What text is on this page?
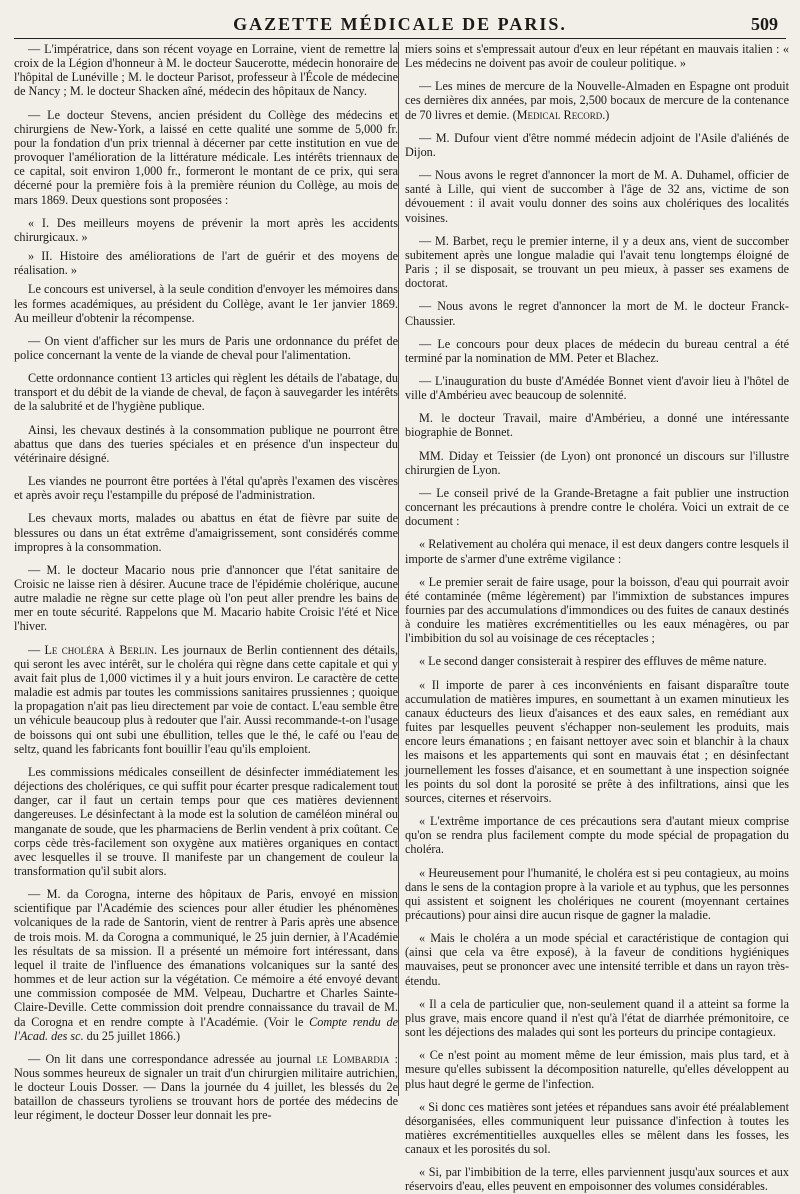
GAZETTE MÉDICALE DE PARIS.	509

— L'impératrice, dans son récent voyage en Lorraine, vient de remettre la croix de la Légion d'honneur à M. le docteur Saucerotte, médecin honoraire de l'hôpital de Lunéville ; M. le docteur Parisot, professeur à l'École de médecine de Nancy ; M. le docteur Shacken aîné, médecin des hôpitaux de Nancy.

— Le docteur Stevens, ancien président du Collège des médecins et chirurgiens de New-York, a laissé en cette qualité une somme de 5,000 fr. pour la fondation d'un prix triennal à décerner par cette institution en vue de provoquer l'amélioration de la littérature médicale. Les intérêts triennaux de ce capital, soit environ 1,000 fr., formeront le montant de ce prix, qui sera décerné pour la première fois à la première réunion du Collège, au mois de mars 1869. Deux questions sont proposées :

« I. Des meilleurs moyens de prévenir la mort après les accidents chirurgicaux. »

» II. Histoire des améliorations de l'art de guérir et des moyens de réalisation. »

Le concours est universel, à la seule condition d'envoyer les mémoires dans les formes académiques, au président du Collège, avant le 1er janvier 1869. Au meilleur d'obtenir la récompense.

— On vient d'afficher sur les murs de Paris une ordonnance du préfet de police concernant la vente de la viande de cheval pour l'alimentation.

Cette ordonnance contient 13 articles qui règlent les détails de l'abatage, du transport et du débit de la viande de cheval, de façon à sauvegarder les intérêts de la salubrité et de l'hygiène publique.

Ainsi, les chevaux destinés à la consommation publique ne pourront être abattus que dans des tueries spéciales et en présence d'un inspecteur du vétérinaire désigné.

Les viandes ne pourront être portées à l'étal qu'après l'examen des viscères et après avoir reçu l'estampille du préposé de l'administration.

Les chevaux morts, malades ou abattus en état de fièvre par suite de blessures ou dans un état extrême d'amaigrissement, sont considérés comme impropres à la consommation.

— M. le docteur Macario nous prie d'annoncer que l'état sanitaire de Croisic ne laisse rien à désirer. Aucune trace de l'épidémie cholérique, aucune autre maladie ne règne sur cette plage où l'on peut aller prendre les bains de mer en toute sécurité. Rappelons que M. Macario habite Croisic l'été et Nice l'hiver.

— Le choléra à Berlin. Les journaux de Berlin contiennent des détails, qui seront les avec intérêt, sur le choléra qui règne dans cette capitale et qui y avait fait plus de 1,000 victimes il y a huit jours environ. Le caractère de cette maladie est admis par toutes les commissions sanitaires prussiennes ; quoique la propagation n'ait pas lieu directement par voie de contact. L'eau semble être un véhicule beaucoup plus à redouter que l'air. Aussi recommande-t-on l'usage de boissons qui ont subi une ébullition, telles que le thé, le café ou l'eau de seltz, quand les fabricants font bouillir l'eau qu'ils emploient.

Les commissions médicales conseillent de désinfecter immédiatement les déjections des cholériques, ce qui suffit pour écarter presque radicalement tout danger, car il faut un certain temps pour que ces matières deviennent dangereuses. Le désinfectant à la mode est la solution de caméléon minéral ou manganate de soude, que les pharmaciens de Berlin vendent à prix coûtant. Ce corps cède très-facilement son oxygène aux matières organiques en contact avec lesquelles il se trouve. Il manifeste par un changement de couleur la transformation qu'il subit alors.

— M. da Corogna, interne des hôpitaux de Paris, envoyé en mission scientifique par l'Académie des sciences pour aller étudier les phénomènes volcaniques de la rade de Santorin, vient de rentrer à Paris après une absence de trois mois. M. da Corogna a communiqué, le 25 juin dernier, à l'Académie les résultats de sa mission. Il a présenté un mémoire fort intéressant, dans lequel il traite de l'influence des émanations volcaniques sur la santé des hommes et de leur action sur la végétation. Ce mémoire a été envoyé devant une commission composée de MM. Velpeau, Duchartre et Charles Sainte-Claire-Deville. Cette commission doit prendre connaissance du travail de M. da Corogna et en rendre compte à l'Académie. (Voir le Compte rendu de l'Acad. des sc. du 25 juillet 1866.)

— On lit dans une correspondance adressée au journal le Lombardia : Nous sommes heureux de signaler un trait d'un chirurgien militaire autrichien, le docteur Louis Dosser. — Dans la journée du 4 juillet, les blessés du 2e bataillon de chasseurs tyroliens se trouvant hors de portée des médecins de leur régiment, le docteur Dosser leur donnait les pre-

miers soins et s'empressait autour d'eux en leur répétant en mauvais italien : « Les médecins ne doivent pas avoir de couleur politique. »

— Les mines de mercure de la Nouvelle-Almaden en Espagne ont produit ces dernières dix années, par mois, 2,500 bocaux de mercure de la contenance de 70 livres et demie. (Medical Record.)

— M. Dufour vient d'être nommé médecin adjoint de l'Asile d'aliénés de Dijon.

— Nous avons le regret d'annoncer la mort de M. A. Duhamel, officier de santé à Lille, qui vient de succomber à l'âge de 32 ans, victime de son dévouement : il avait voulu donner des soins aux cholériques des localités voisines.

— M. Barbet, reçu le premier interne, il y a deux ans, vient de succomber subitement après une longue maladie qui l'avait tenu longtemps éloigné de Paris ; il se disposait, se trouvant un peu mieux, à passer ses examens de doctorat.

— Nous avons le regret d'annoncer la mort de M. le docteur Franck-Chaussier.

— Le concours pour deux places de médecin du bureau central a été terminé par la nomination de MM. Peter et Blachez.

— L'inauguration du buste d'Amédée Bonnet vient d'avoir lieu à l'hôtel de ville d'Ambérieu avec beaucoup de solennité.

M. le docteur Travail, maire d'Ambérieu, a donné une intéressante biographie de Bonnet.

MM. Diday et Teissier (de Lyon) ont prononcé un discours sur l'illustre chirurgien de Lyon.

— Le conseil privé de la Grande-Bretagne a fait publier une instruction concernant les précautions à prendre contre le choléra. Voici un extrait de ce document :

« Relativement au choléra qui menace, il est deux dangers contre lesquels il importe de s'armer d'une extrême vigilance :

« Le premier serait de faire usage, pour la boisson, d'eau qui pourrait avoir été contaminée (même légèrement) par l'immixtion de substances impures fournies par des accumulations d'immondices ou des fuites de canaux destinés à conduire les matières excrémentitielles ou les eaux ménagères, ou par l'imbibition du sol au voisinage de ces réceptacles ;

« Le second danger consisterait à respirer des effluves de même nature.

« Il importe de parer à ces inconvénients en faisant disparaître toute accumulation de matières impures, en soumettant à un examen minutieux les canaux éducteurs des lieux d'aisances et des eaux sales, en remédiant aux fuites par lesquelles peuvent s'échapper non-seulement les produits, mais encore leurs émanations ; en faisant nettoyer avec soin et blanchir à la chaux les maisons et les appartements qui sont en mauvais état ; en désinfectant journellement les fosses d'aisance, et en soumettant à une inspection soignée les points du sol dont la porosité se prête à des infiltrations, ainsi que les sources, citernes et réservoirs.

« L'extrême importance de ces précautions sera d'autant mieux comprise qu'on se rendra plus facilement compte du mode spécial de propagation du choléra.

« Heureusement pour l'humanité, le choléra est si peu contagieux, au moins dans le sens de la contagion propre à la variole et au typhus, que les personnes qui assistent et soignent les cholériques ne courent (moyennant certaines précautions) pour ainsi dire aucun risque de gagner la maladie.

« Mais le choléra a un mode spécial et caractéristique de contagion qui (ainsi que cela va être exposé), à la faveur de conditions hygiéniques mauvaises, peut se prononcer avec une intensité terrible et dans un rayon très-étendu.

« Il a cela de particulier que, non-seulement quand il a atteint sa forme la plus grave, mais encore quand il n'est qu'à l'état de diarrhée prémonitoire, ce sont les déjections des malades qui sont les porteurs du principe contagieux.

« Ce n'est point au moment même de leur émission, mais plus tard, et à mesure qu'elles subissent la décomposition naturelle, qu'elles développent au plus haut degré le germe de l'infection.

« Si donc ces matières sont jetées et répandues sans avoir été préalablement désorganisées, elles communiquent leur puissance d'infection à toutes les matières excrémentitielles auxquelles elles se mêlent dans les fosses, les canaux et les porosités du sol.

« Si, par l'imbibition de la terre, elles parviennent jusqu'aux sources et aux réservoirs d'eau, elles peuvent en empoisonner des volumes considérables.
